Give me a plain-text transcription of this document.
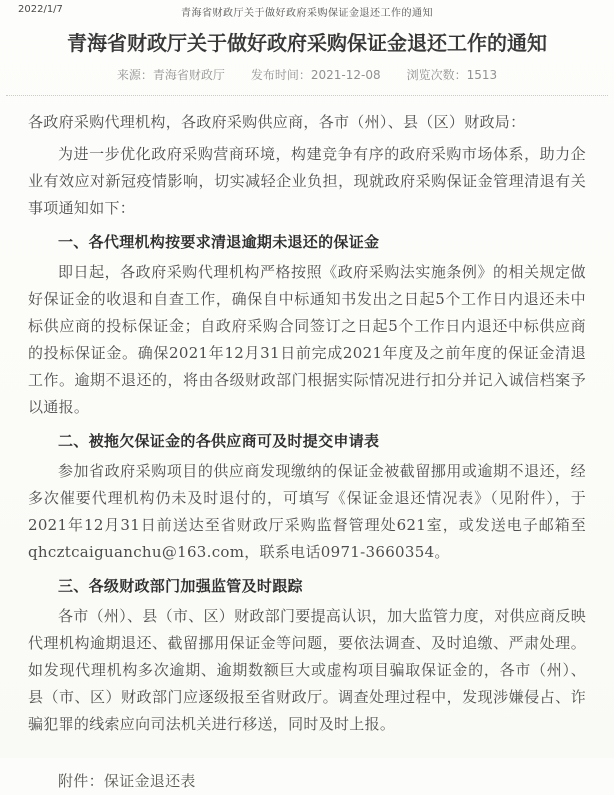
2022/1/7	青海省财政厅关于做好政府采购保证金退还工作的通知
青海省财政厅关于做好政府采购保证金退还工作的通知
来源：青海省财政厅 发布时间：2021-12-08 浏览次数：1513

各政府采购代理机构，各政府采购供应商，各市（州）、县（区）财政局：

为进一步优化政府采购营商环境，构建竞争有序的政府采购市场体系，助力企业有效应对新冠疫情影响，切实减轻企业负担，现就政府采购保证金管理清退有关事项通知如下：

一、各代理机构按要求清退逾期未退还的保证金

即日起，各政府采购代理机构严格按照《政府采购法实施条例》的相关规定做好保证金的收退和自查工作，确保自中标通知书发出之日起5个工作日内退还未中标供应商的投标保证金；自政府采购合同签订之日起5个工作日内退还中标供应商的投标保证金。确保2021年12月31日前完成2021年度及之前年度的保证金清退工作。逾期不退还的，将由各级财政部门根据实际情况进行扣分并记入诚信档案予以通报。

二、被拖欠保证金的各供应商可及时提交申请表

参加省政府采购项目的供应商发现缴纳的保证金被截留挪用或逾期不退还，经多次催要代理机构仍未及时退付的，可填写《保证金退还情况表》（见附件），于2021年12月31日前送达至省财政厅采购监督管理处621室，或发送电子邮箱至qhcztcaiguanchu@163.com，联系电话0971-3660354。

三、各级财政部门加强监管及时跟踪

各市（州）、县（市、区）财政部门要提高认识，加大监管力度，对供应商反映代理机构逾期退还、截留挪用保证金等问题，要依法调查、及时追缴、严肃处理。如发现代理机构多次逾期、逾期数额巨大或虚构项目骗取保证金的，各市（州）、县（市、区）财政部门应逐级报至省财政厅。调查处理过程中，发现涉嫌侵占、诈骗犯罪的线索应向司法机关进行移送，同时及时上报。

附件：保证金退还表
